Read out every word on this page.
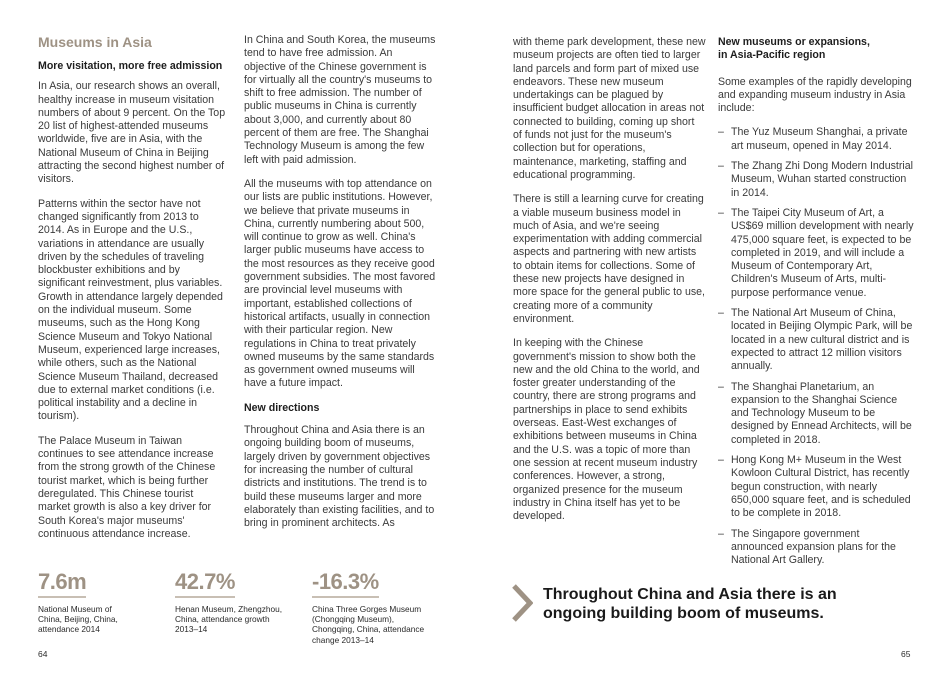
Museums in Asia
More visitation, more free admission

In Asia, our research shows an overall, healthy increase in museum visitation numbers of about 9 percent. On the Top 20 list of highest-attended museums worldwide, five are in Asia, with the National Museum of China in Beijing attracting the second highest number of visitors.

Patterns within the sector have not changed significantly from 2013 to 2014. As in Europe and the U.S., variations in attendance are usually driven by the schedules of traveling blockbuster exhibitions and by significant reinvestment, plus variables. Growth in attendance largely depended on the individual museum. Some museums, such as the Hong Kong Science Museum and Tokyo National Museum, experienced large increases, while others, such as the National Science Museum Thailand, decreased due to external market conditions (i.e. political instability and a decline in tourism).

The Palace Museum in Taiwan continues to see attendance increase from the strong growth of the Chinese tourist market, which is being further deregulated. This Chinese tourist market growth is also a key driver for South Korea's major museums' continuous attendance increase.

In China and South Korea, the museums tend to have free admission. An objective of the Chinese government is for virtually all the country's museums to shift to free admission. The number of public museums in China is currently about 3,000, and currently about 80 percent of them are free. The Shanghai Technology Museum is among the few left with paid admission.

All the museums with top attendance on our lists are public institutions. However, we believe that private museums in China, currently numbering about 500, will continue to grow as well. China's larger public museums have access to the most resources as they receive good government subsidies. The most favored are provincial level museums with important, established collections of historical artifacts, usually in connection with their particular region. New regulations in China to treat privately owned museums by the same standards as government owned museums will have a future impact.

New directions

Throughout China and Asia there is an ongoing building boom of museums, largely driven by government objectives for increasing the number of cultural districts and institutions. The trend is to build these museums larger and more elaborately than existing facilities, and to bring in prominent architects. As

with theme park development, these new museum projects are often tied to larger land parcels and form part of mixed use endeavors. These new museum undertakings can be plagued by insufficient budget allocation in areas not connected to building, coming up short of funds not just for the museum's collection but for operations, maintenance, marketing, staffing and educational programming.

There is still a learning curve for creating a viable museum business model in much of Asia, and we're seeing experimentation with adding commercial aspects and partnering with new artists to obtain items for collections. Some of these new projects have designed in more space for the general public to use, creating more of a community environment.

In keeping with the Chinese government's mission to show both the new and the old China to the world, and foster greater understanding of the country, there are strong programs and partnerships in place to send exhibits overseas. East-West exchanges of exhibitions between museums in China and the U.S. was a topic of more than one session at recent museum industry conferences. However, a strong, organized presence for the museum industry in China itself has yet to be developed.

New museums or expansions,
in Asia-Pacific region

Some examples of the rapidly developing and expanding museum industry in Asia include:

– The Yuz Museum Shanghai, a private art museum, opened in May 2014.
– The Zhang Zhi Dong Modern Industrial Museum, Wuhan started construction in 2014.
– The Taipei City Museum of Art, a US$69 million development with nearly 475,000 square feet, is expected to be completed in 2019, and will include a Museum of Contemporary Art, Children's Museum of Arts, multi-purpose performance venue.
– The National Art Museum of China, located in Beijing Olympic Park, will be located in a new cultural district and is expected to attract 12 million visitors annually.
– The Shanghai Planetarium, an expansion to the Shanghai Science and Technology Museum to be designed by Ennead Architects, will be completed in 2018.
– Hong Kong M+ Museum in the West Kowloon Cultural District, has recently begun construction, with nearly 650,000 square feet, and is scheduled to be complete in 2018.
– The Singapore government announced expansion plans for the National Art Gallery.
7.6m
National Museum of China, Beijing, China, attendance 2014
42.7%
Henan Museum, Zhengzhou, China, attendance growth 2013–14
-16.3%
China Three Gorges Museum (Chongqing Museum), Chongqing, China, attendance change 2013–14
Throughout China and Asia there is an ongoing building boom of museums.
64	65
